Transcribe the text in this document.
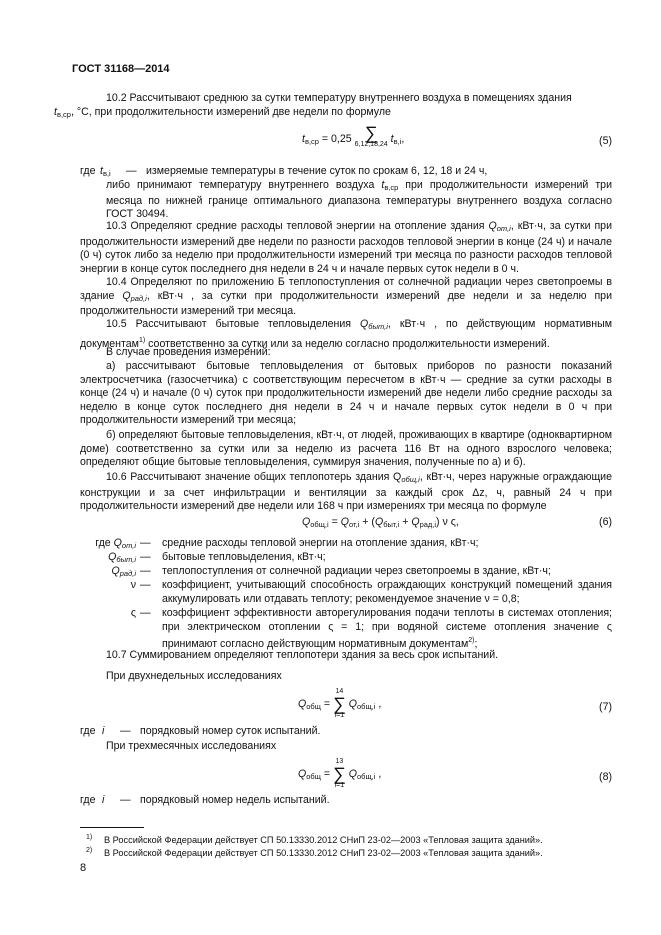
ГОСТ 31168—2014
10.2 Рассчитывают среднюю за сутки температуру внутреннего воздуха в помещениях здания
$t_{в,ср}$, °С, при продолжительности измерений две недели по формуле
$t_{в,ср} = 0,25$ ∑
6,12,18,24 $t_{в,i}$,	(5)
где $t_{в,i}$ — измеряемые температуры в течение суток по срокам 6, 12, 18 и 24 ч,
либо принимают температуру внутреннего воздуха $t_{в,ср}$ при продолжительности измерений три месяца по нижней границе оптимального диапазона температуры внутреннего воздуха согласно ГОСТ 30494.
10.3 Определяют средние расходы тепловой энергии на отопление здания $Q_{от,i}$, кВт·ч, за сутки при продолжительности измерений две недели по разности расходов тепловой энергии в конце (24 ч) и начале (0 ч) суток либо за неделю при продолжительности измерений три месяца по разности расходов тепловой энергии в конце суток последнего дня недели в 24 ч и начале первых суток недели в 0 ч.
10.4 Определяют по приложению Б теплопоступления от солнечной радиации через светопроемы в здание $Q_{рад,i}$, кВт·ч , за сутки при продолжительности измерений две недели и за неделю при продолжительности измерений три месяца.
10.5 Рассчитывают бытовые тепловыделения $Q_{быт,i}$, кВт·ч , по действующим нормативным документам$^{1)}$ соответственно за сутки или за неделю согласно продолжительности измерений.
В случае проведения измерений:
а) рассчитывают бытовые тепловыделения от бытовых приборов по разности показаний электросчетчика (газосчетчика) с соответствующим пересчетом в кВт·ч — средние за сутки расходы в конце (24 ч) и начале (0 ч) суток при продолжительности измерений две недели либо средние расходы за неделю в конце суток последнего дня недели в 24 ч и начале первых суток недели в 0 ч при продолжительности измерений три месяца;
б) определяют бытовые тепловыделения, кВт·ч, от людей, проживающих в квартире (одноквартирном доме) соответственно за сутки или за неделю из расчета 116 Вт на одного взрослого человека; определяют общие бытовые тепловыделения, суммируя значения, полученные по а) и б).
10.6 Рассчитывают значение общих теплопотерь здания $Q_{общ,i}$, кВт·ч, через наружные ограждающие конструкции и за счет инфильтрации и вентиляции за каждый срок Δz, ч, равный 24 ч при продолжительности измерений две недели или 168 ч при измерениях три месяца по формуле
$Q_{общ,i} = Q_{от,i} + (Q_{быт,i} + Q_{рад,i})$ ν ς,	(6)
где $Q_{от,i}$ — средние расходы тепловой энергии на отопление здания, кВт·ч;
$Q_{быт,i}$ — бытовые тепловыделения, кВт·ч;
$Q_{рад,i}$ — теплопоступления от солнечной радиации через светопроемы в здание, кВт·ч;
ν — коэффициент, учитывающий способность ограждающих конструкций помещений здания аккумулировать или отдавать теплоту; рекомендуемое значение ν = 0,8;
ς — коэффициент эффективности авторегулирования подачи теплоты в системах отопления; при электрическом отоплении ς = 1; при водяной системе отопления значение ς принимают согласно действующим нормативным документам$^{2)}$;
10.7 Суммированием определяют теплопотери здания за весь срок испытаний.
При двухнедельных исследованиях
$Q_{общ}$ =
14
∑
i=1
$Q_{общ,i}$ ,	(7)
где i — порядковый номер суток испытаний.
При трехмесячных исследованиях
$Q_{общ}$ =
13
∑
i=1
$Q_{общ,i}$ ,	(8)
где i — порядковый номер недель испытаний.
1) В Российской Федерации действует СП 50.13330.2012 СНиП 23-02—2003 «Тепловая защита зданий».
2) В Российской Федерации действует СП 50.13330.2012 СНиП 23-02—2003 «Тепловая защита зданий».
8
